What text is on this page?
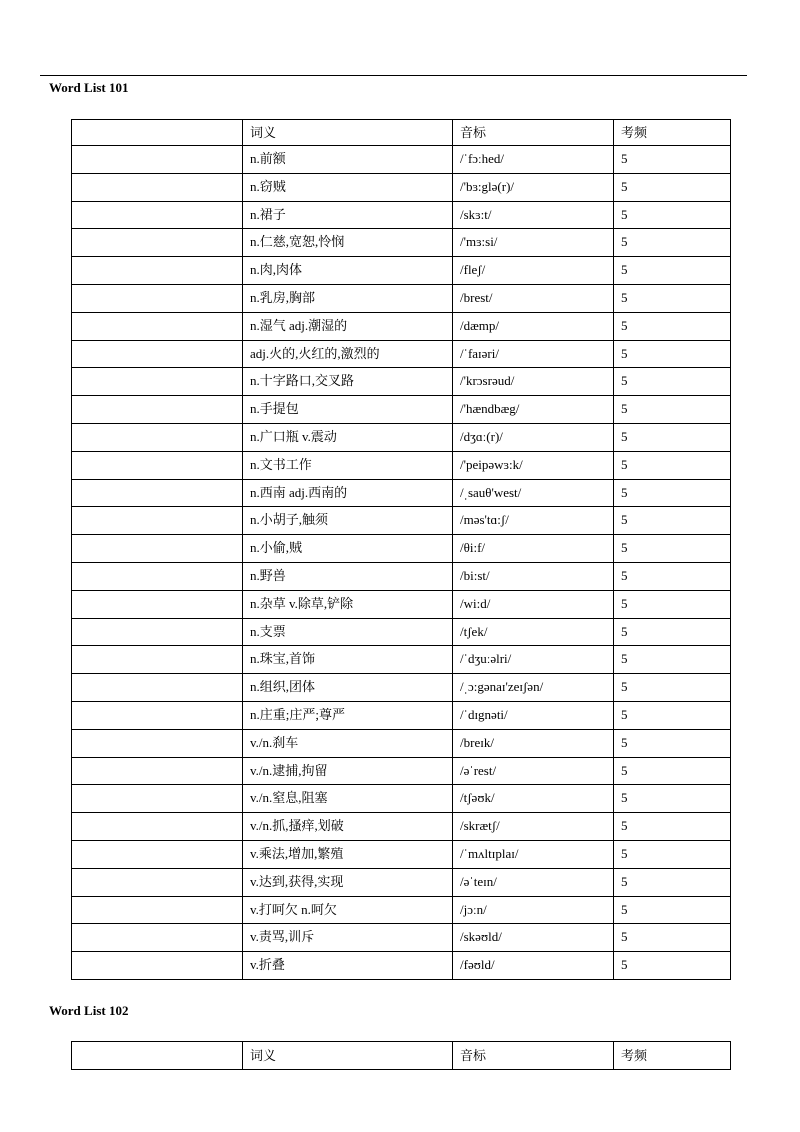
Word List 101
	词义	音标	考频
	n.前额	/ˈfɔːhed/	5
	n.窃贼	/'bɜ:glə(r)/	5
	n.裙子	/skɜ:t/	5
	n.仁慈,宽恕,怜悯	/'mɜ:si/	5
	n.肉,肉体	/fleʃ/	5
	n.乳房,胸部	/brest/	5
	n.湿气 adj.潮湿的	/dæmp/	5
	adj.火的,火红的,激烈的	/ˈfaɪəri/	5
	n.十字路口,交叉路	/'krɔsrəud/	5
	n.手提包	/'hændbæg/	5
	n.广口瓶 v.震动	/dʒɑː(r)/	5
	n.文书工作	/'peipəwɜ:k/	5
	n.西南 adj.西南的	/ˌsauθ'west/	5
	n.小胡子,触须	/məs'tɑ:ʃ/	5
	n.小偷,贼	/θi:f/	5
	n.野兽	/bi:st/	5
	n.杂草 v.除草,铲除	/wi:d/	5
	n.支票	/tʃek/	5
	n.珠宝,首饰	/ˈdʒuːəlri/	5
	n.组织,团体	/ˌɔ:gənaɪ'zeɪʃən/	5
	n.庄重;庄严;尊严	/ˈdɪgnəti/	5
	v./n.刹车	/breɪk/	5
	v./n.逮捕,拘留	/əˈrest/	5
	v./n.窒息,阻塞	/tʃəʊk/	5
	v./n.抓,搔痒,划破	/skrætʃ/	5
	v.乘法,增加,繁殖	/ˈmʌltɪplaɪ/	5
	v.达到,获得,实现	/əˈteɪn/	5
	v.打呵欠 n.呵欠	/jɔːn/	5
	v.责骂,训斥	/skəʊld/	5
	v.折叠	/fəʊld/	5
Word List 102
	词义	音标	考频
